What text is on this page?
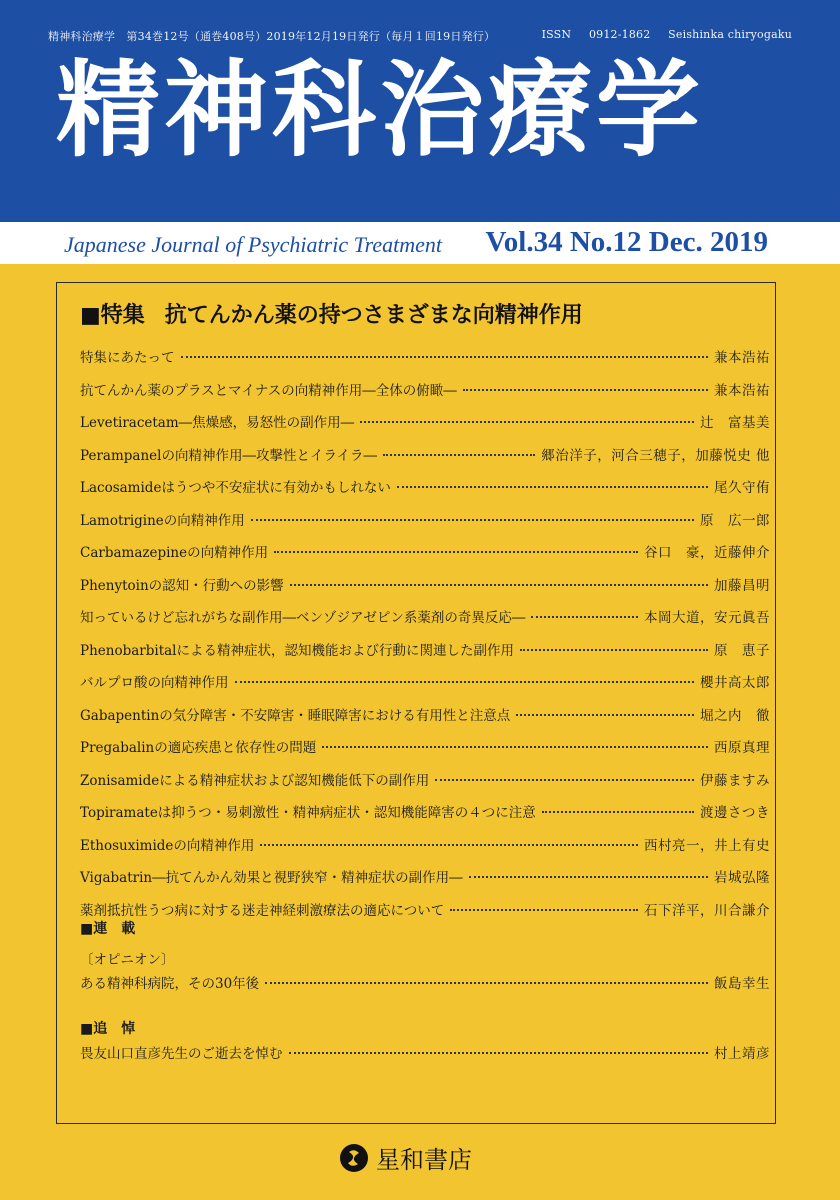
精神科治療学　第34巻12号（通巻408号）2019年12月19日発行（毎月１回19日発行）	ISSN 0912-1862 Seishinka chiryogaku
精神科治療学
Japanese Journal of Psychiatric Treatment Vol.34 No.12 Dec. 2019
■特集 抗てんかん薬の持つさまざまな向精神作用
特集にあたって	兼本浩祐
抗てんかん薬のプラスとマイナスの向精神作用―全体の俯瞰―	兼本浩祐
Levetiracetam―焦燥感，易怒性の副作用―	辻　富基美
Perampanelの向精神作用―攻撃性とイライラ―	郷治洋子，河合三穂子，加藤悦史 他
Lacosamideはうつや不安症状に有効かもしれない	尾久守侑
Lamotrigineの向精神作用	原　広一郎
Carbamazepineの向精神作用	谷口　豪，近藤伸介
Phenytoinの認知・行動への影響	加藤昌明
知っているけど忘れがちな副作用―ベンゾジアゼピン系薬剤の奇異反応―	本岡大道，安元眞吾
Phenobarbitalによる精神症状，認知機能および行動に関連した副作用	原　恵子
バルプロ酸の向精神作用	櫻井高太郎
Gabapentinの気分障害・不安障害・睡眠障害における有用性と注意点	堀之内　徹
Pregabalinの適応疾患と依存性の問題	西原真理
Zonisamideによる精神症状および認知機能低下の副作用	伊藤ますみ
Topiramateは抑うつ・易刺激性・精神病症状・認知機能障害の４つに注意	渡邊さつき
Ethosuximideの向精神作用	西村亮一，井上有史
Vigabatrin―抗てんかん効果と視野狭窄・精神症状の副作用―	岩城弘隆
薬剤抵抗性うつ病に対する迷走神経刺激療法の適応について	石下洋平，川合謙介
■連　載
〔オピニオン〕
ある精神科病院，その30年後	飯島幸生
■追　悼
畏友山口直彦先生のご逝去を悼む	村上靖彦
星和書店
